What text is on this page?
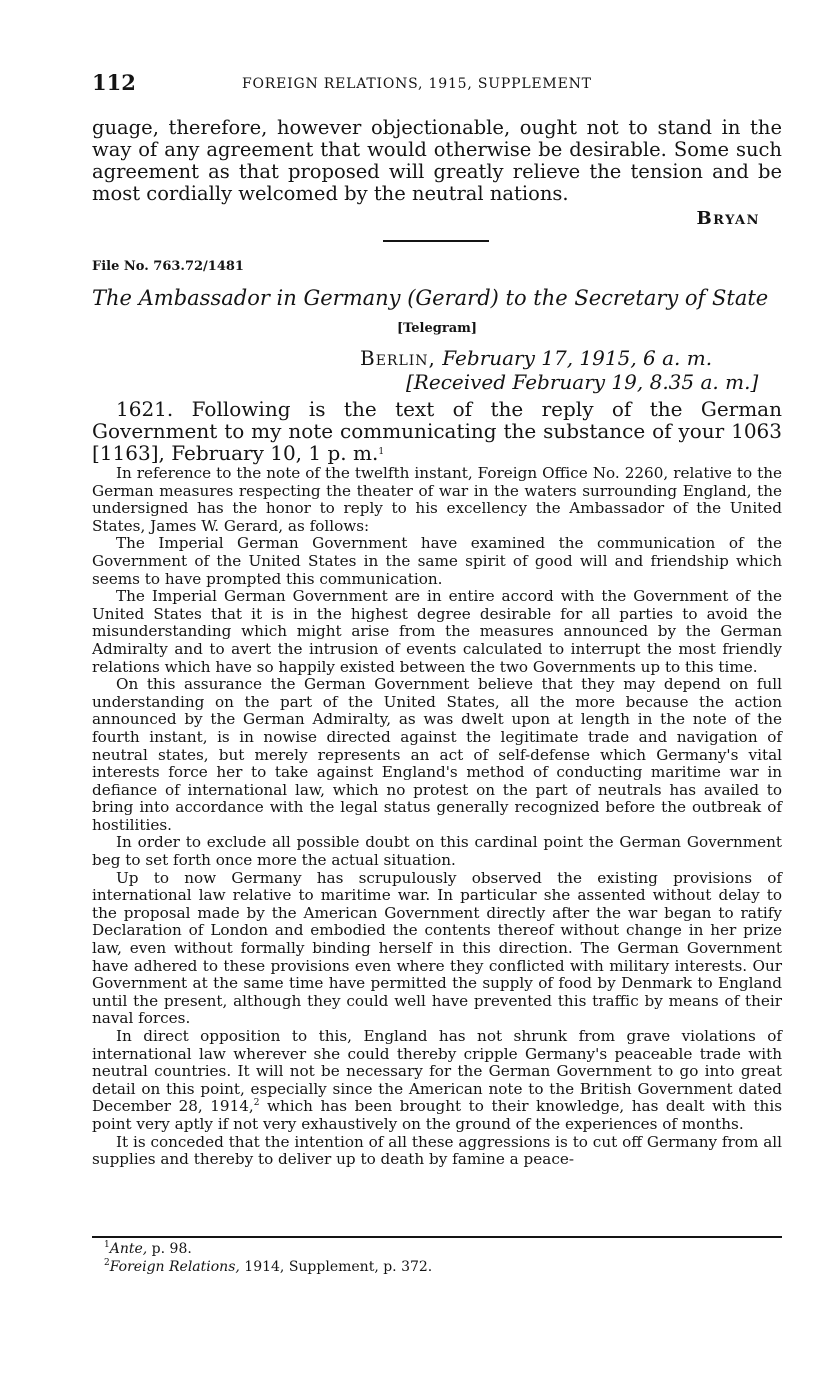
112	FOREIGN RELATIONS, 1915, SUPPLEMENT
guage, therefore, however objectionable, ought not to stand in the way of any agreement that would otherwise be desirable. Some such agreement as that proposed will greatly relieve the tension and be most cordially welcomed by the neutral nations.
Bryan
File No. 763.72/1481
The Ambassador in Germany (Gerard) to the Secretary of State
[Telegram]
Berlin, February 17, 1915, 6 a. m.
[Received February 19, 8.35 a. m.]
1621. Following is the text of the reply of the German Government to my note communicating the substance of your 1063 [1163], February 10, 1 p. m.$^1$

In reference to the note of the twelfth instant, Foreign Office No. 2260, relative to the German measures respecting the theater of war in the waters surrounding England, the undersigned has the honor to reply to his excellency the Ambassador of the United States, James W. Gerard, as follows:

The Imperial German Government have examined the communication of the Government of the United States in the same spirit of good will and friendship which seems to have prompted this communication.

The Imperial German Government are in entire accord with the Government of the United States that it is in the highest degree desirable for all parties to avoid the misunderstanding which might arise from the measures announced by the German Admiralty and to avert the intrusion of events calculated to interrupt the most friendly relations which have so happily existed between the two Governments up to this time.

On this assurance the German Government believe that they may depend on full understanding on the part of the United States, all the more because the action announced by the German Admiralty, as was dwelt upon at length in the note of the fourth instant, is in nowise directed against the legitimate trade and navigation of neutral states, but merely represents an act of self-defense which Germany's vital interests force her to take against England's method of conducting maritime war in defiance of international law, which no protest on the part of neutrals has availed to bring into accordance with the legal status generally recognized before the outbreak of hostilities.

In order to exclude all possible doubt on this cardinal point the German Government beg to set forth once more the actual situation.

Up to now Germany has scrupulously observed the existing provisions of international law relative to maritime war. In particular she assented without delay to the proposal made by the American Government directly after the war began to ratify Declaration of London and embodied the contents thereof without change in her prize law, even without formally binding herself in this direction. The German Government have adhered to these provisions even where they conflicted with military interests. Our Government at the same time have permitted the supply of food by Denmark to England until the present, although they could well have prevented this traffic by means of their naval forces.

In direct opposition to this, England has not shrunk from grave violations of international law wherever she could thereby cripple Germany's peaceable trade with neutral countries. It will not be necessary for the German Government to go into great detail on this point, especially since the American note to the British Government dated December 28, 1914,$^2$ which has been brought to their knowledge, has dealt with this point very aptly if not very exhaustively on the ground of the experiences of months.

It is conceded that the intention of all these aggressions is to cut off Germany from all supplies and thereby to deliver up to death by famine a peace-

$^1$Ante, p. 98.
$^2$Foreign Relations, 1914, Supplement, p. 372.
